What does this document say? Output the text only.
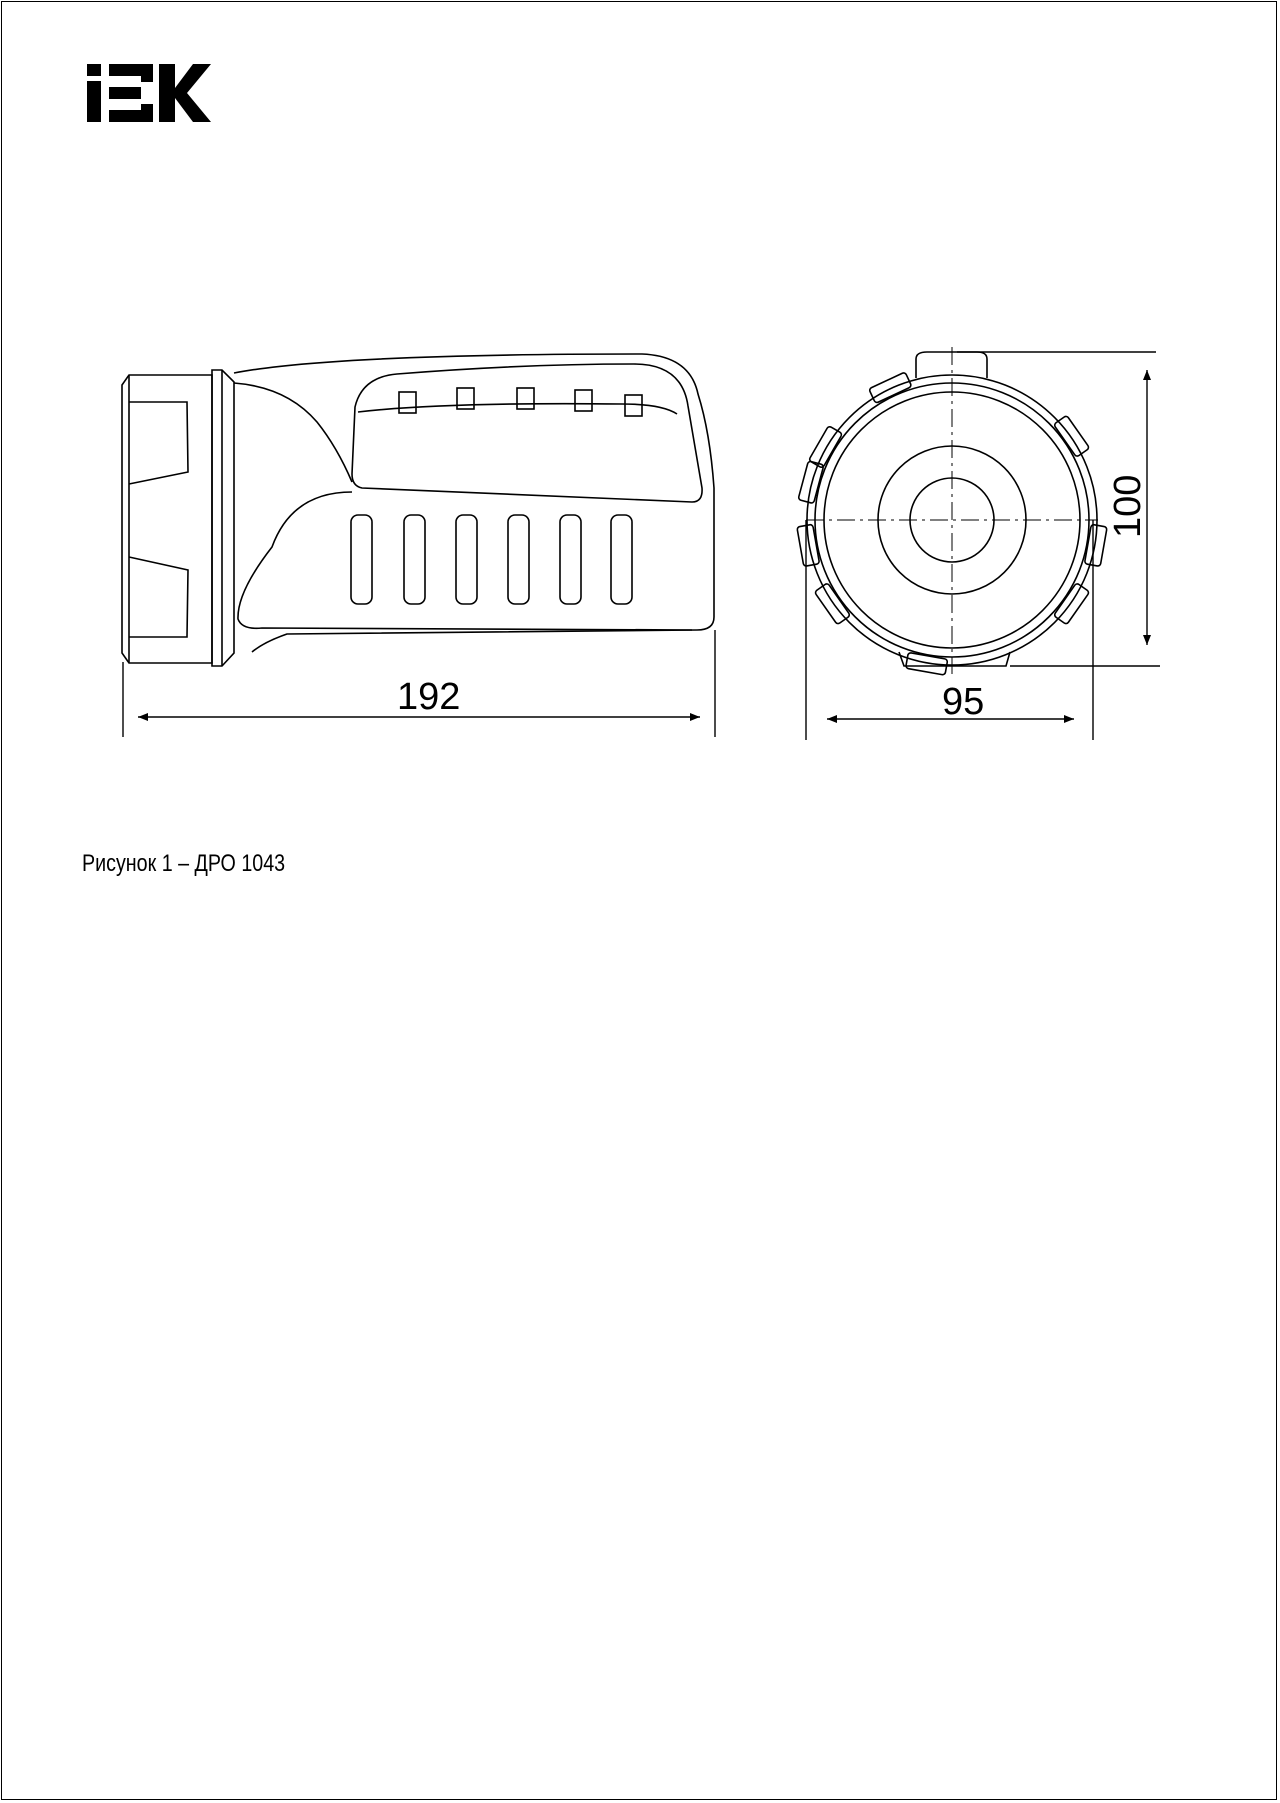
192	95
100
Рисунок 1 – ДРО 1043
